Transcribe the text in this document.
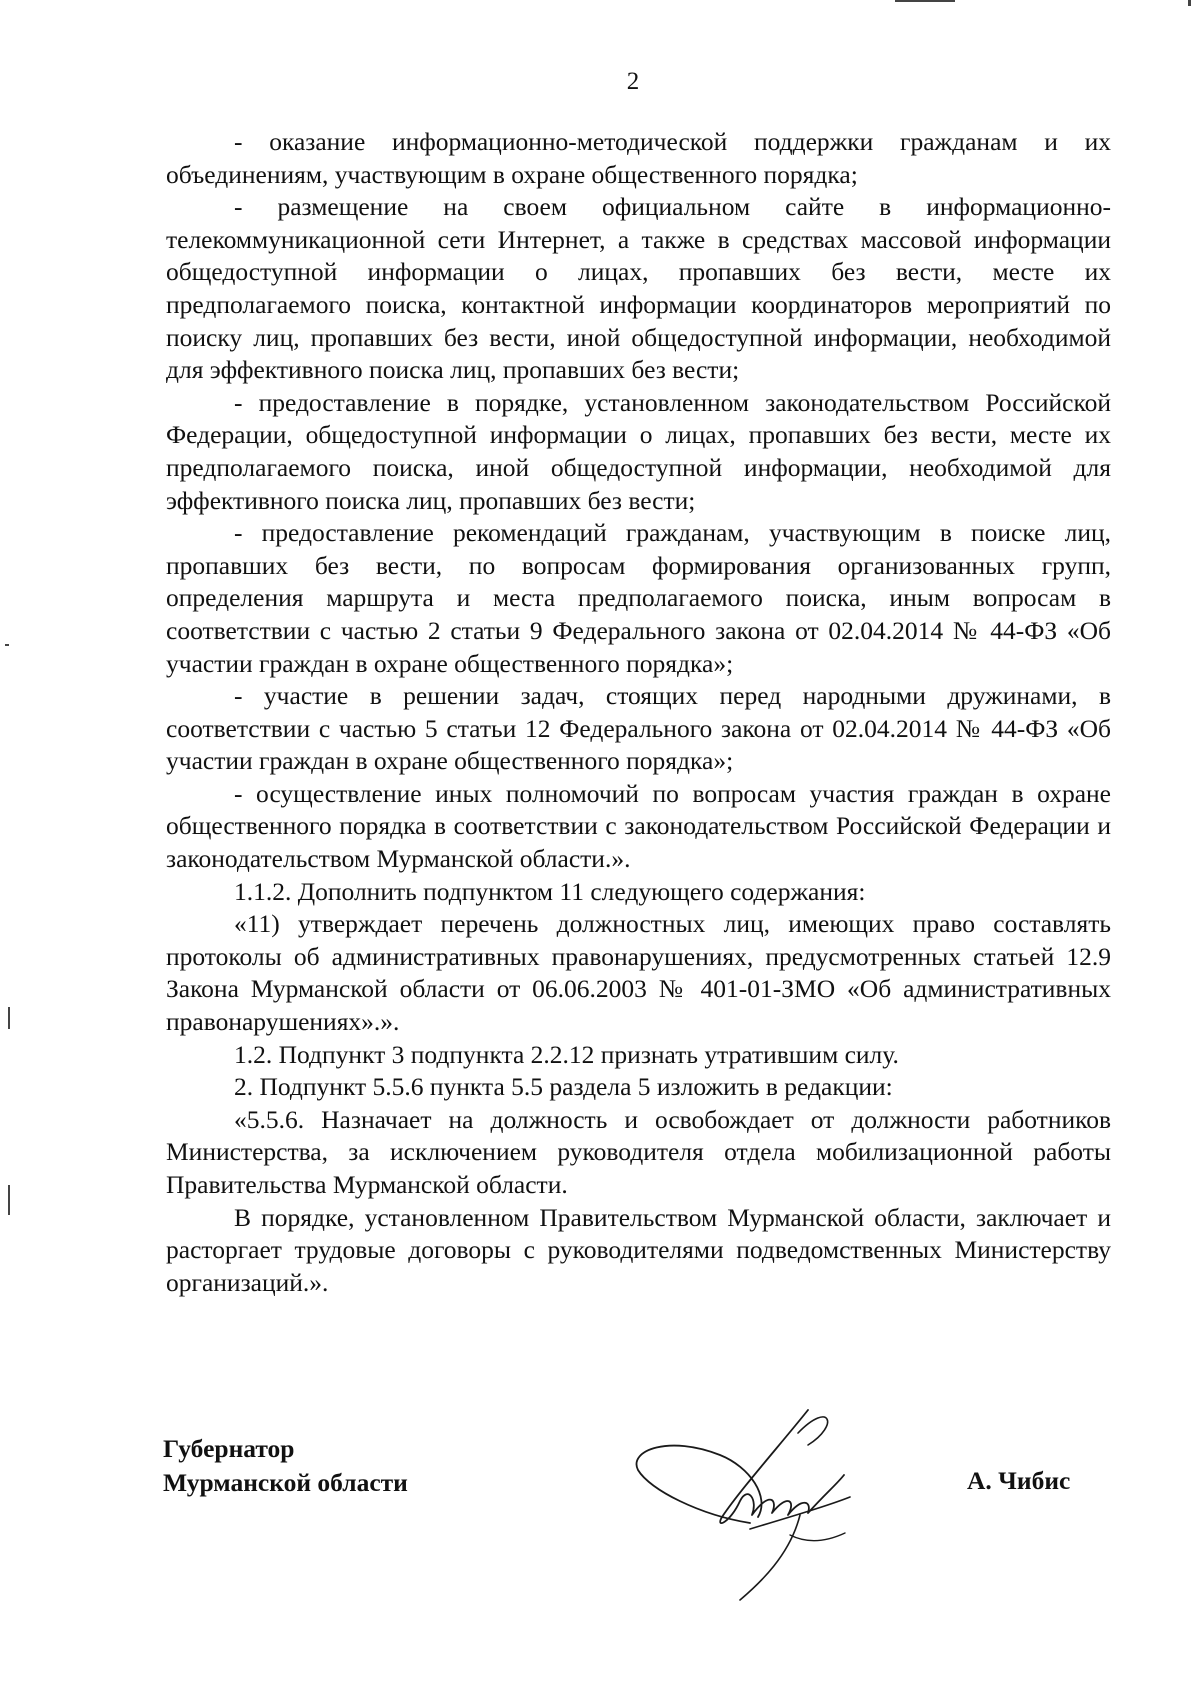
2

- оказание информационно-методической поддержки гражданам и их объединениям, участвующим в охране общественного порядка;

- размещение на своем официальном сайте в информационно-телекоммуникационной сети Интернет, а также в средствах массовой информации общедоступной информации о лицах, пропавших без вести, месте их предполагаемого поиска, контактной информации координаторов мероприятий по поиску лиц, пропавших без вести, иной общедоступной информации, необходимой для эффективного поиска лиц, пропавших без вести;

- предоставление в порядке, установленном законодательством Российской Федерации, общедоступной информации о лицах, пропавших без вести, месте их предполагаемого поиска, иной общедоступной информации, необходимой для эффективного поиска лиц, пропавших без вести;

- предоставление рекомендаций гражданам, участвующим в поиске лиц, пропавших без вести, по вопросам формирования организованных групп, определения маршрута и места предполагаемого поиска, иным вопросам в соответствии с частью 2 статьи 9 Федерального закона от 02.04.2014 № 44-ФЗ «Об участии граждан в охране общественного порядка»;

- участие в решении задач, стоящих перед народными дружинами, в соответствии с частью 5 статьи 12 Федерального закона от 02.04.2014 № 44-ФЗ «Об участии граждан в охране общественного порядка»;

- осуществление иных полномочий по вопросам участия граждан в охране общественного порядка в соответствии с законодательством Российской Федерации и законодательством Мурманской области.».

1.1.2. Дополнить подпунктом 11 следующего содержания:

«11) утверждает перечень должностных лиц, имеющих право составлять протоколы об административных правонарушениях, предусмотренных статьей 12.9 Закона Мурманской области от 06.06.2003 № 401-01-ЗМО «Об административных правонарушениях».».

1.2. Подпункт 3 подпункта 2.2.12 признать утратившим силу.

2. Подпункт 5.5.6 пункта 5.5 раздела 5 изложить в редакции:

«5.5.6. Назначает на должность и освобождает от должности работников Министерства, за исключением руководителя отдела мобилизационной работы Правительства Мурманской области.

В порядке, установленном Правительством Мурманской области, заключает и расторгает трудовые договоры с руководителями подведомственных Министерству организаций.».

Губернатор
Мурманской области	А. Чибис
